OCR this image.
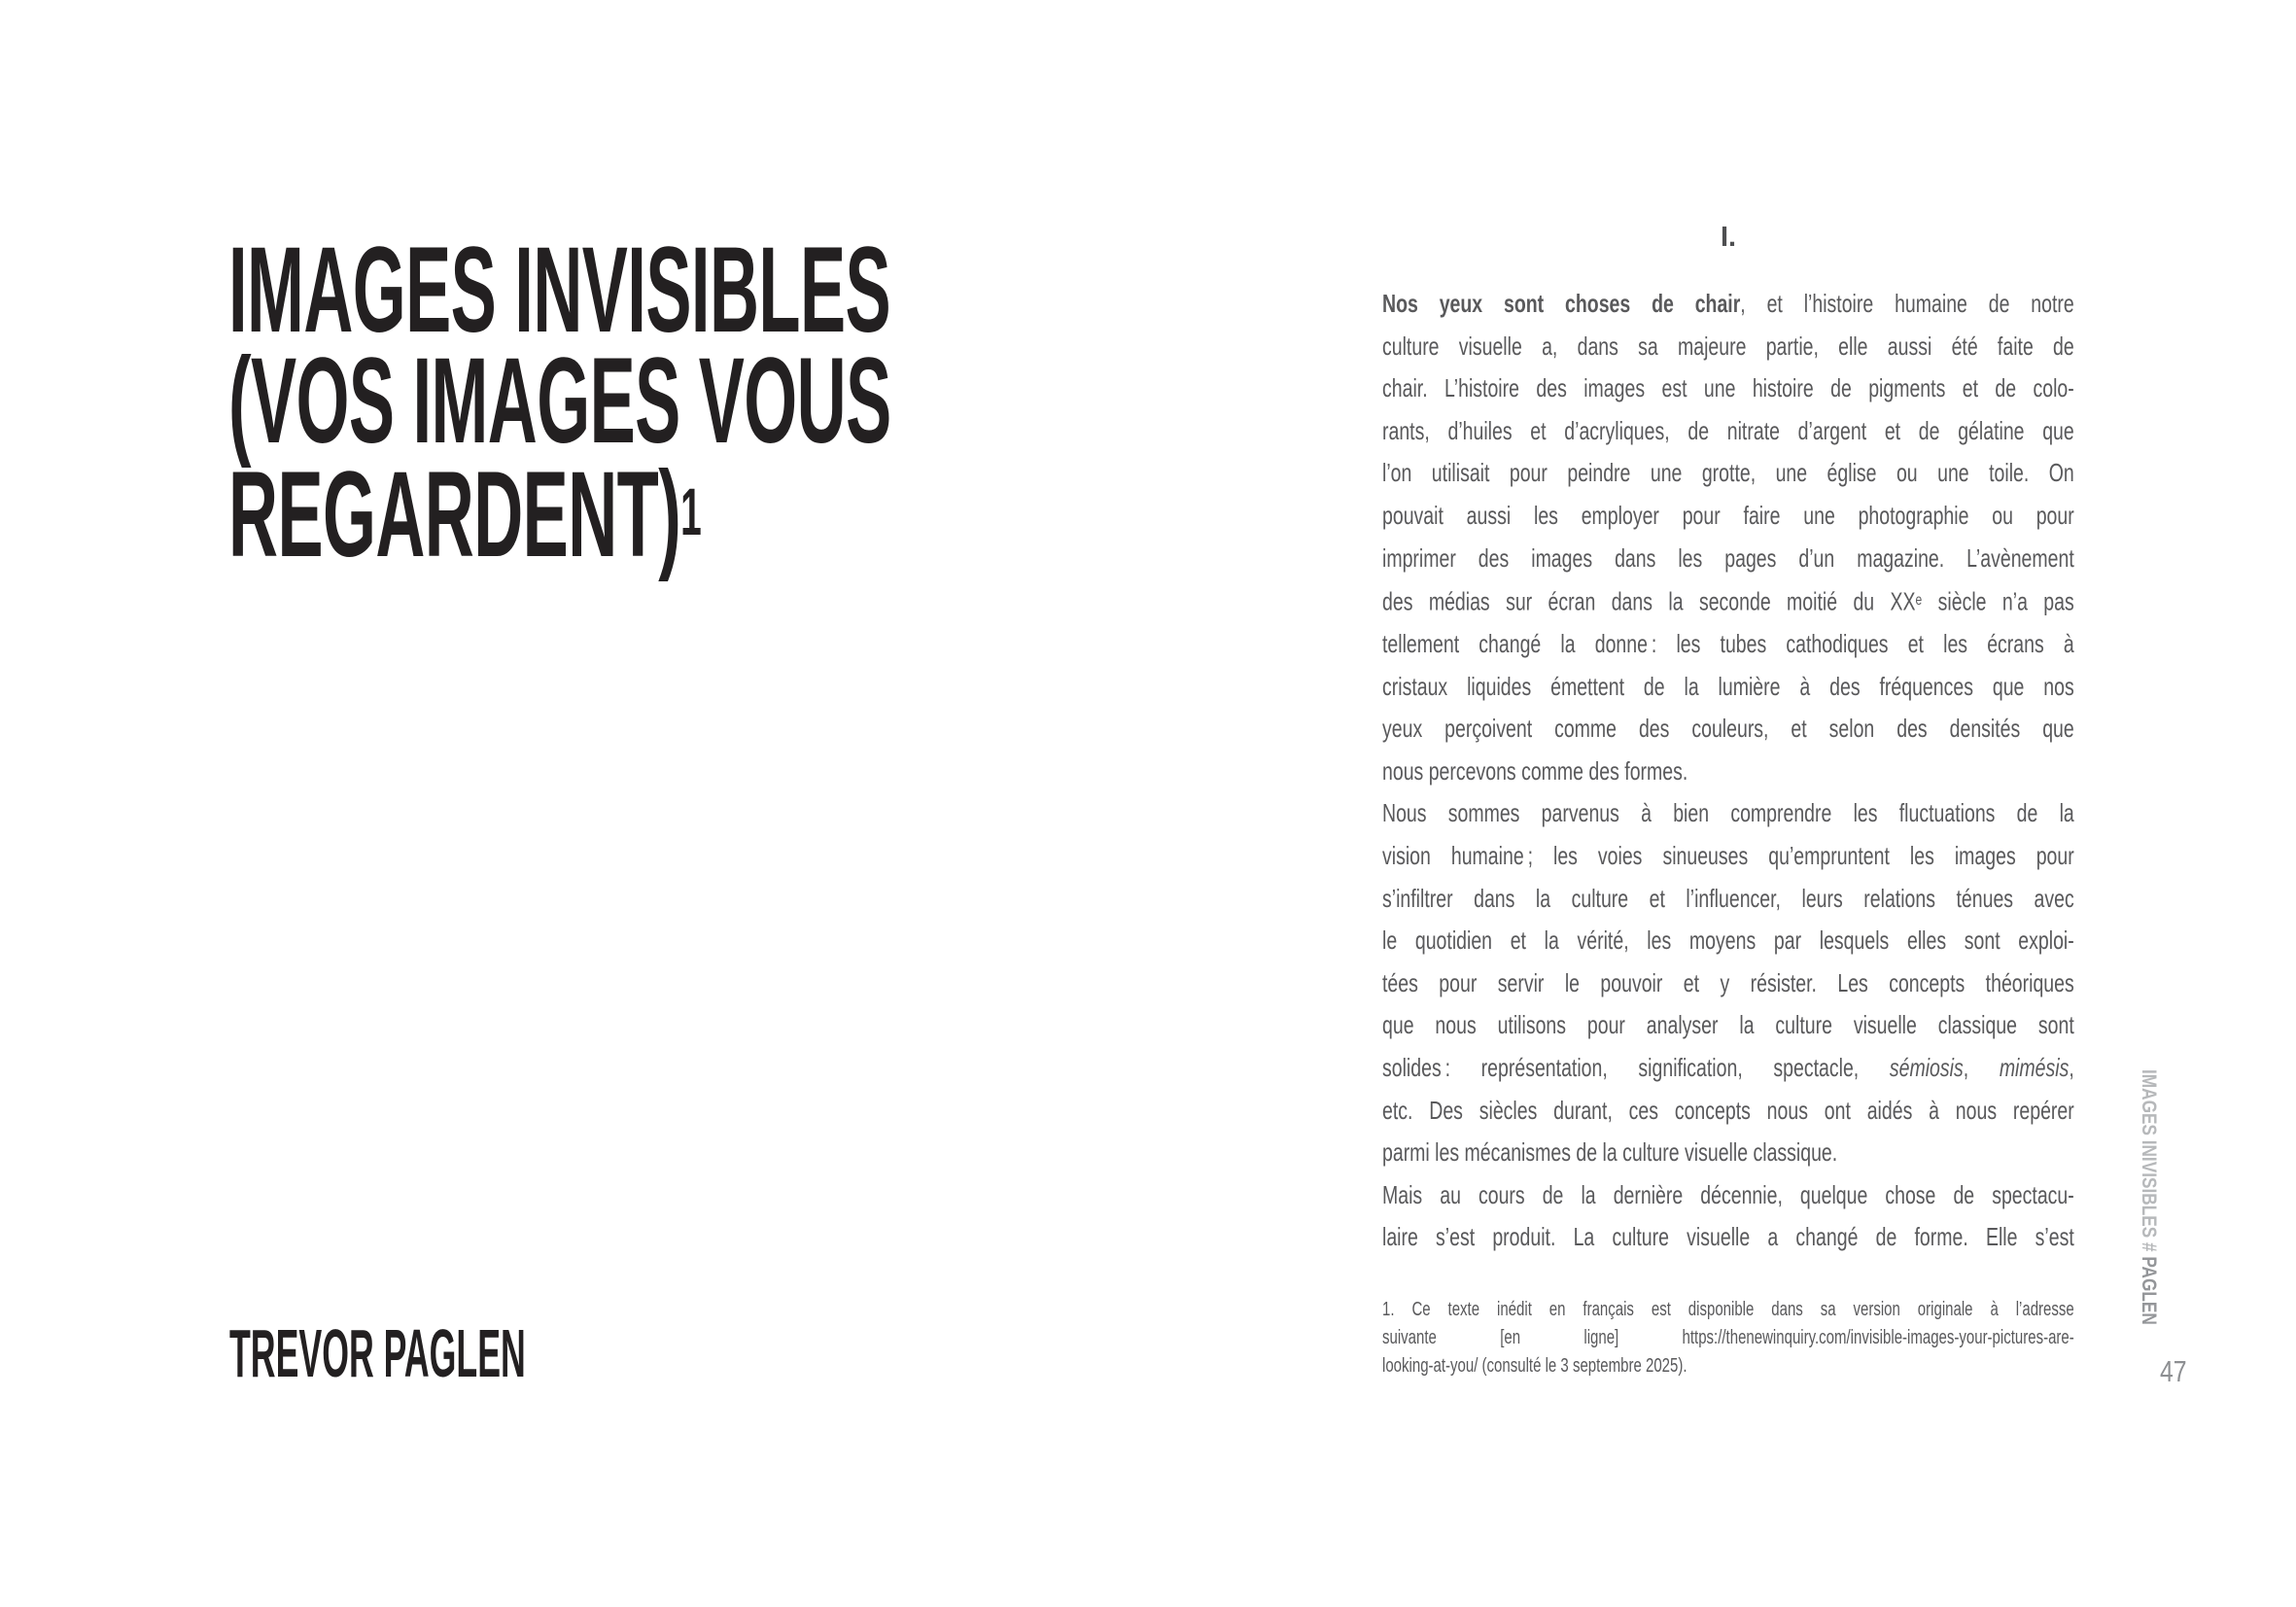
IMAGES INVISIBLES
(VOS IMAGES VOUS
REGARDENT)$^1$
TREVOR PAGLEN
I.
Nos yeux sont choses de chair, et l’histoire humaine de notre
culture visuelle a, dans sa majeure partie, elle aussi été faite de
chair. L’histoire des images est une histoire de pigments et de colo-
rants, d’huiles et d’acryliques, de nitrate d’argent et de gélatine que
l’on utilisait pour peindre une grotte, une église ou une toile. On
pouvait aussi les employer pour faire une photographie ou pour
imprimer des images dans les pages d’un magazine. L’avènement
des médias sur écran dans la seconde moitié du XXe siècle n’a pas
tellement changé la donne : les tubes cathodiques et les écrans à
cristaux liquides émettent de la lumière à des fréquences que nos
yeux perçoivent comme des couleurs, et selon des densités que
nous percevons comme des formes.
Nous sommes parvenus à bien comprendre les fluctuations de la
vision humaine ; les voies sinueuses qu’empruntent les images pour
s’infiltrer dans la culture et l’influencer, leurs relations ténues avec
le quotidien et la vérité, les moyens par lesquels elles sont exploi-
tées pour servir le pouvoir et y résister. Les concepts théoriques
que nous utilisons pour analyser la culture visuelle classique sont
solides : représentation, signification, spectacle, sémiosis, mimésis,
etc. Des siècles durant, ces concepts nous ont aidés à nous repérer
parmi les mécanismes de la culture visuelle classique.
Mais au cours de la dernière décennie, quelque chose de spectacu-
laire s’est produit. La culture visuelle a changé de forme. Elle s’est
1. Ce texte inédit en français est disponible dans sa version originale à l’adresse
suivante [en ligne] https://thenewinquiry.com/invisible-images-your-pictures-are-
looking-at-you/ (consulté le 3 septembre 2025).
IMAGES INIVISIBLES # PAGLEN
47
